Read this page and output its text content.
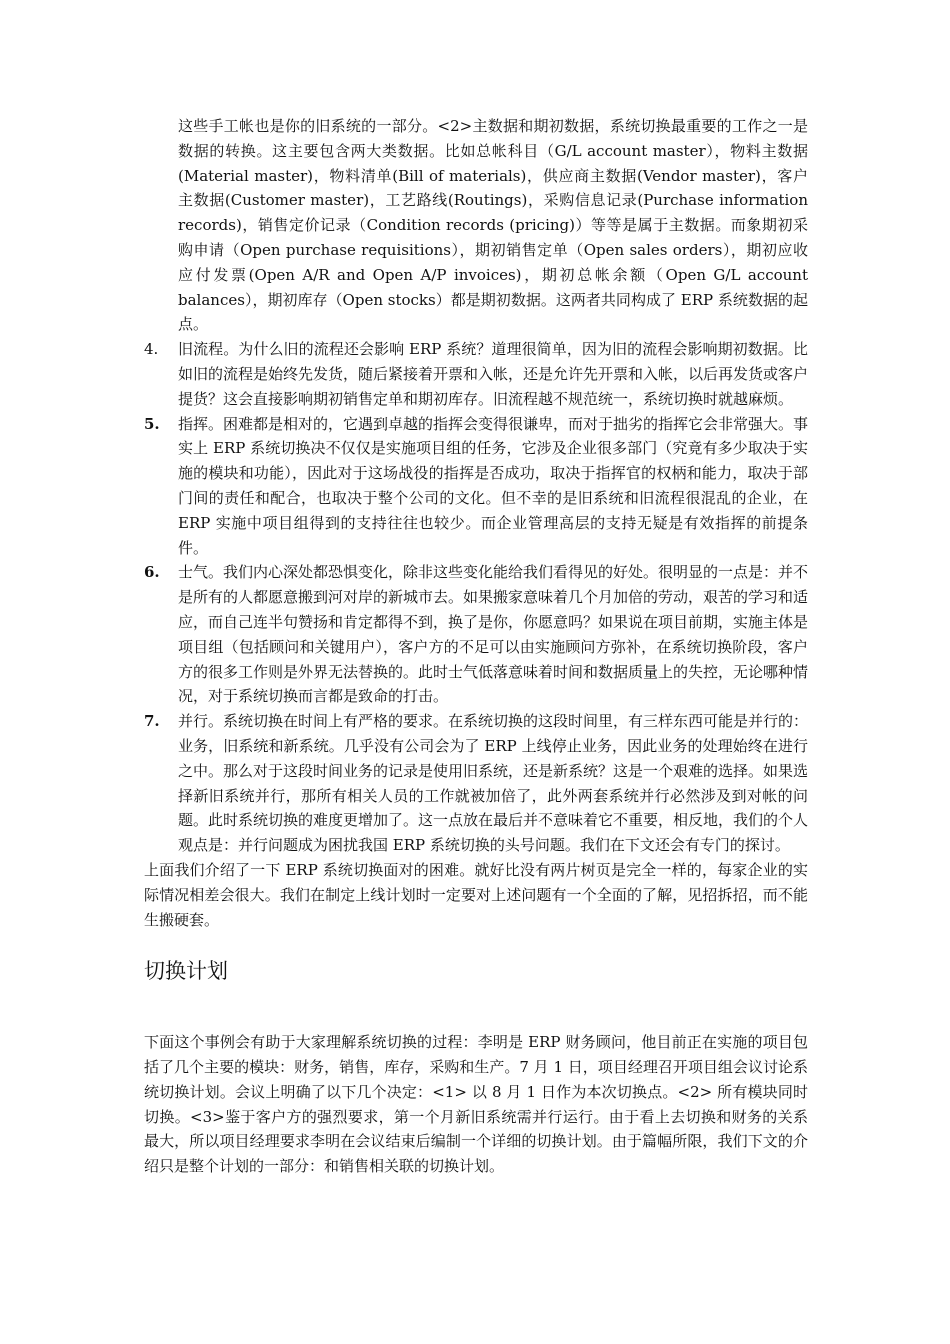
这些手工帐也是你的旧系统的一部分。<2>主数据和期初数据，系统切换最重要的工作之一是数据的转换。这主要包含两大类数据。比如总帐科目（G/L account master），物料主数据(Material master)，物料清单(Bill of materials)，供应商主数据(Vendor master)，客户主数据(Customer master)，工艺路线(Routings)，采购信息记录(Purchase information records)，销售定价记录（Condition records (pricing)）等等是属于主数据。而象期初采购申请（Open purchase requisitions），期初销售定单（Open sales orders），期初应收应付发票(Open A/R and Open A/P invoices)，期初总帐余额（Open G/L account balances），期初库存（Open stocks）都是期初数据。这两者共同构成了 ERP 系统数据的起点。

4. 旧流程。为什么旧的流程还会影响 ERP 系统？道理很简单，因为旧的流程会影响期初数据。比如旧的流程是始终先发货，随后紧接着开票和入帐，还是允许先开票和入帐，以后再发货或客户提货？这会直接影响期初销售定单和期初库存。旧流程越不规范统一，系统切换时就越麻烦。

5. 指挥。困难都是相对的，它遇到卓越的指挥会变得很谦卑，而对于拙劣的指挥它会非常强大。事实上 ERP 系统切换决不仅仅是实施项目组的任务，它涉及企业很多部门（究竟有多少取决于实施的模块和功能），因此对于这场战役的指挥是否成功，取决于指挥官的权柄和能力，取决于部门间的责任和配合，也取决于整个公司的文化。但不幸的是旧系统和旧流程很混乱的企业，在 ERP 实施中项目组得到的支持往往也较少。而企业管理高层的支持无疑是有效指挥的前提条件。

6. 士气。我们内心深处都恐惧变化，除非这些变化能给我们看得见的好处。很明显的一点是：并不是所有的人都愿意搬到河对岸的新城市去。如果搬家意味着几个月加倍的劳动，艰苦的学习和适应，而自己连半句赞扬和肯定都得不到，换了是你，你愿意吗？如果说在项目前期，实施主体是项目组（包括顾问和关键用户），客户方的不足可以由实施顾问方弥补，在系统切换阶段，客户方的很多工作则是外界无法替换的。此时士气低落意味着时间和数据质量上的失控，无论哪种情况，对于系统切换而言都是致命的打击。

7. 并行。系统切换在时间上有严格的要求。在系统切换的这段时间里，有三样东西可能是并行的：业务，旧系统和新系统。几乎没有公司会为了 ERP 上线停止业务，因此业务的处理始终在进行之中。那么对于这段时间业务的记录是使用旧系统，还是新系统？这是一个艰难的选择。如果选择新旧系统并行，那所有相关人员的工作就被加倍了，此外两套系统并行必然涉及到对帐的问题。此时系统切换的难度更增加了。这一点放在最后并不意味着它不重要，相反地，我们的个人观点是：并行问题成为困扰我国 ERP 系统切换的头号问题。我们在下文还会有专门的探讨。

上面我们介绍了一下 ERP 系统切换面对的困难。就好比没有两片树页是完全一样的，每家企业的实际情况相差会很大。我们在制定上线计划时一定要对上述问题有一个全面的了解，见招拆招，而不能生搬硬套。

切换计划

下面这个事例会有助于大家理解系统切换的过程：李明是 ERP 财务顾问，他目前正在实施的项目包括了几个主要的模块：财务，销售，库存，采购和生产。7 月 1 日，项目经理召开项目组会议讨论系统切换计划。会议上明确了以下几个决定：<1> 以 8 月 1 日作为本次切换点。<2> 所有模块同时切换。<3>鉴于客户方的强烈要求，第一个月新旧系统需并行运行。由于看上去切换和财务的关系最大，所以项目经理要求李明在会议结束后编制一个详细的切换计划。由于篇幅所限，我们下文的介绍只是整个计划的一部分：和销售相关联的切换计划。
